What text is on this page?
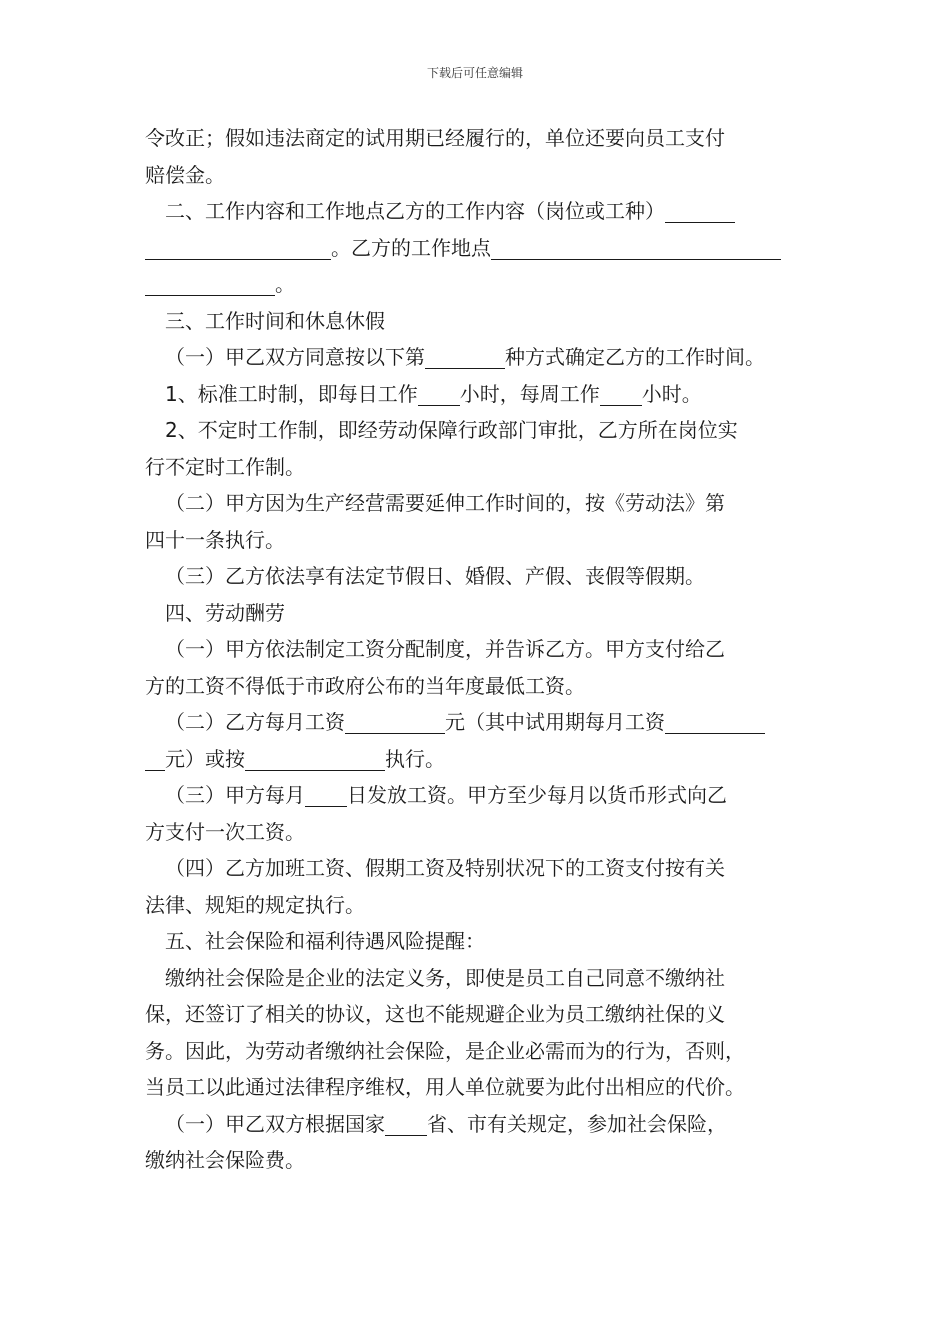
下载后可任意编辑

令改正；假如违法商定的试用期已经履行的，单位还要向员工支付

赔偿金。

二、工作内容和工作地点乙方的工作内容（岗位或工种）

。乙方的工作地点

。

三、工作时间和休息休假

（一）甲乙双方同意按以下第	种方式确定乙方的工作时间。

1、标准工时制，即每日工作 小时，每周工作 小时。

2、不定时工作制，即经劳动保障行政部门审批，乙方所在岗位实

行不定时工作制。

（二）甲方因为生产经营需要延伸工作时间的，按《劳动法》第

四十一条执行。

（三）乙方依法享有法定节假日、婚假、产假、丧假等假期。

四、劳动酬劳

（一）甲方依法制定工资分配制度，并告诉乙方。甲方支付给乙

方的工资不得低于市政府公布的当年度最低工资。

（二）乙方每月工资	元（其中试用期每月工资

元）或按	执行。

（三）甲方每月 日发放工资。甲方至少每月以货币形式向乙

方支付一次工资。

（四）乙方加班工资、假期工资及特别状况下的工资支付按有关

法律、规矩的规定执行。

五、社会保险和福利待遇风险提醒：

缴纳社会保险是企业的法定义务，即使是员工自己同意不缴纳社

保，还签订了相关的协议，这也不能规避企业为员工缴纳社保的义

务。因此，为劳动者缴纳社会保险，是企业必需而为的行为，否则，

当员工以此通过法律程序维权，用人单位就要为此付出相应的代价。

（一）甲乙双方根据国家 省、市有关规定，参加社会保险，

缴纳社会保险费。
